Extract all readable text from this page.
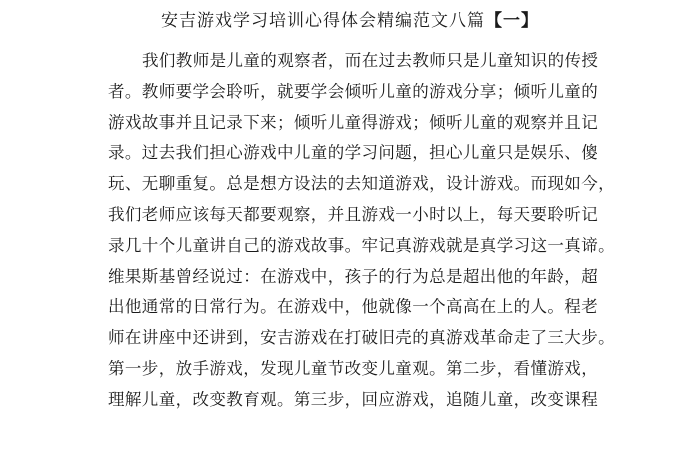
安吉游戏学习培训心得体会精编范文八篇【一】
我们教师是儿童的观察者，而在过去教师只是儿童知识的传授
者。教师要学会聆听，就要学会倾听儿童的游戏分享；倾听儿童的
游戏故事并且记录下来；倾听儿童得游戏；倾听儿童的观察并且记
录。过去我们担心游戏中儿童的学习问题，担心儿童只是娱乐、傻
玩、无聊重复。总是想方设法的去知道游戏，设计游戏。而现如今，
我们老师应该每天都要观察，并且游戏一小时以上，每天要聆听记
录几十个儿童讲自己的游戏故事。牢记真游戏就是真学习这一真谛。
维果斯基曾经说过：在游戏中，孩子的行为总是超出他的年龄，超
出他通常的日常行为。在游戏中，他就像一个高高在上的人。程老
师在讲座中还讲到，安吉游戏在打破旧壳的真游戏革命走了三大步。
第一步，放手游戏，发现儿童节改变儿童观。第二步，看懂游戏，
理解儿童，改变教育观。第三步，回应游戏，追随儿童，改变课程
